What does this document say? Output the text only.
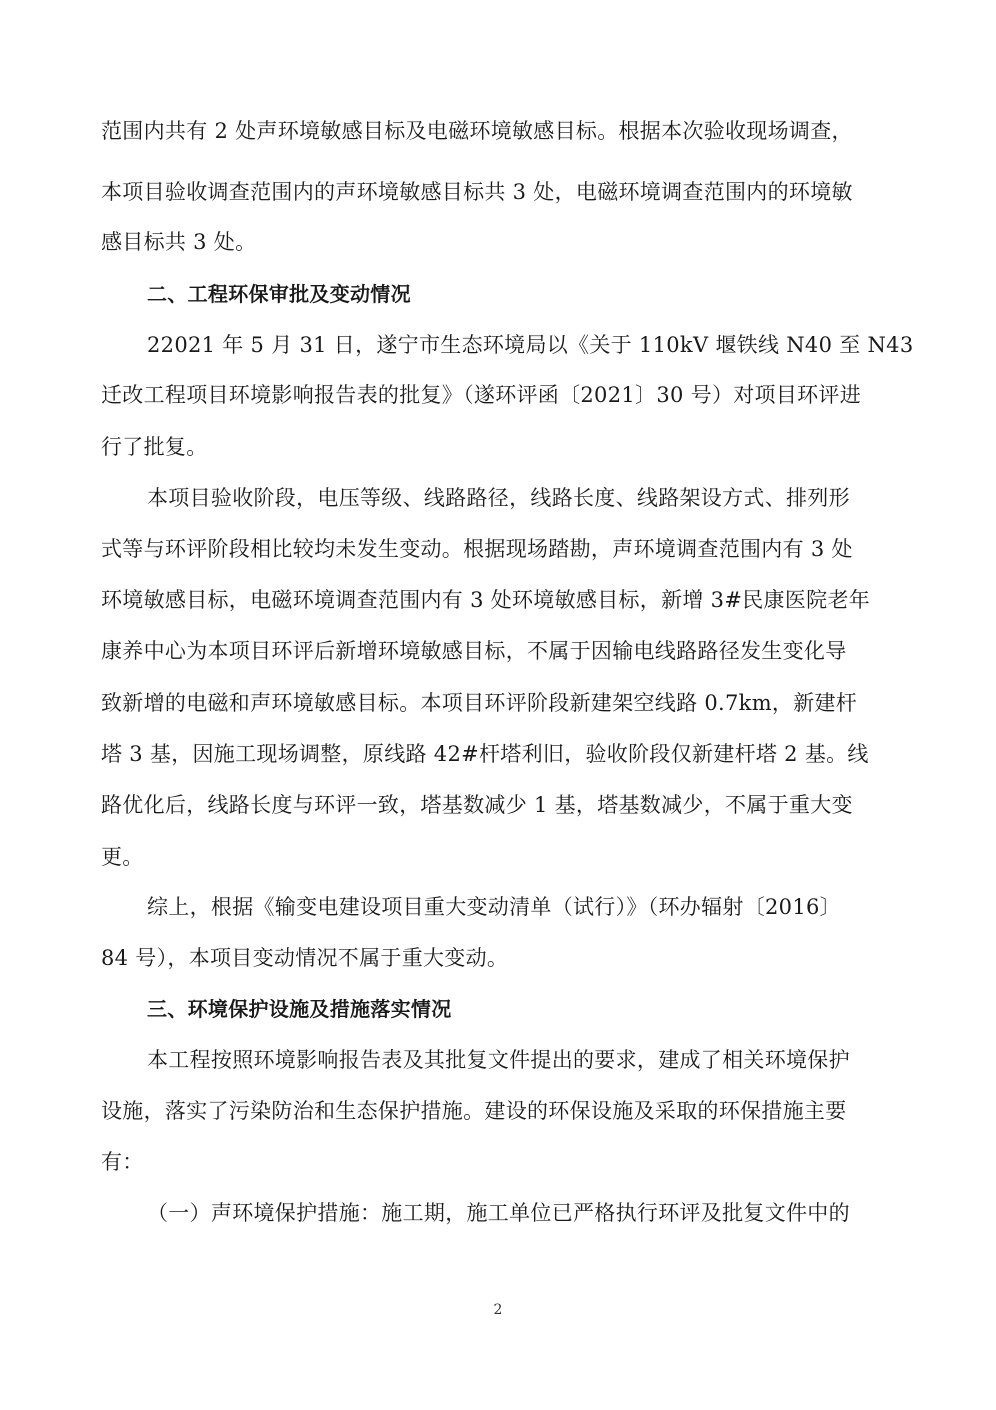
范围内共有 2 处声环境敏感目标及电磁环境敏感目标。根据本次验收现场调查，
本项目验收调查范围内的声环境敏感目标共 3 处，电磁环境调查范围内的环境敏
感目标共 3 处。
二、工程环保审批及变动情况
22021 年 5 月 31 日，遂宁市生态环境局以《关于 110kV 堰铁线 N40 至 N43
迁改工程项目环境影响报告表的批复》（遂环评函〔2021〕30 号）对项目环评进
行了批复。
本项目验收阶段，电压等级、线路路径，线路长度、线路架设方式、排列形
式等与环评阶段相比较均未发生变动。根据现场踏勘，声环境调查范围内有 3 处
环境敏感目标，电磁环境调查范围内有 3 处环境敏感目标，新增 3#民康医院老年
康养中心为本项目环评后新增环境敏感目标，不属于因输电线路路径发生变化导
致新增的电磁和声环境敏感目标。本项目环评阶段新建架空线路 0.7km，新建杆
塔 3 基，因施工现场调整，原线路 42#杆塔利旧，验收阶段仅新建杆塔 2 基。线
路优化后，线路长度与环评一致，塔基数减少 1 基，塔基数减少，不属于重大变
更。
综上，根据《输变电建设项目重大变动清单（试行）》（环办辐射〔2016〕
84 号），本项目变动情况不属于重大变动。
三、环境保护设施及措施落实情况
本工程按照环境影响报告表及其批复文件提出的要求，建成了相关环境保护
设施，落实了污染防治和生态保护措施。建设的环保设施及采取的环保措施主要
有：
（一）声环境保护措施：施工期，施工单位已严格执行环评及批复文件中的
2
